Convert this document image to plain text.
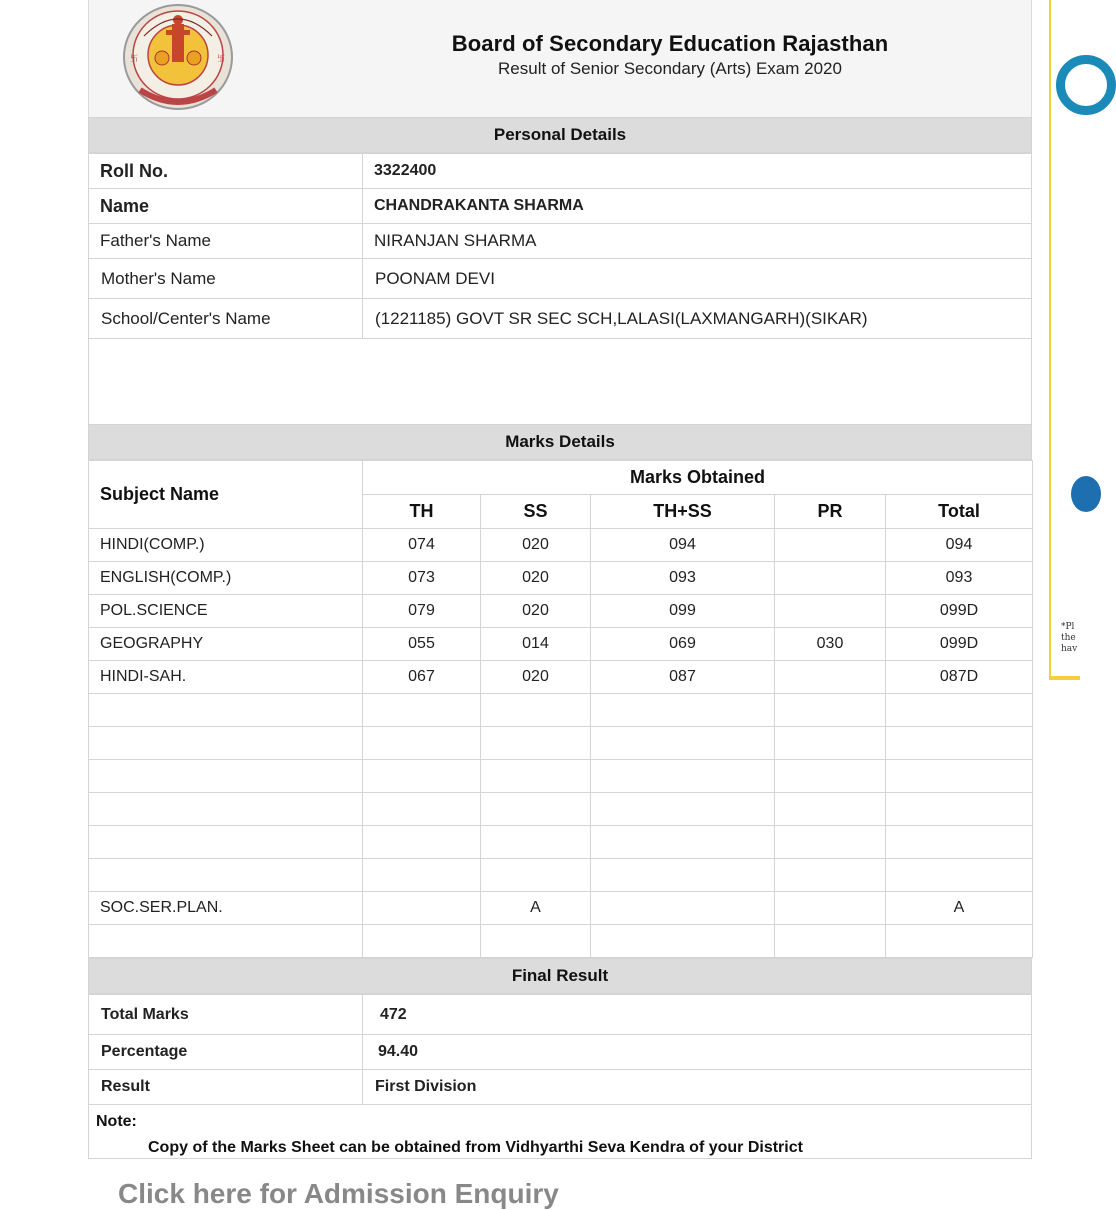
卐	卐
Board of Secondary Education Rajasthan
Result of Senior Secondary (Arts) Exam 2020
Personal Details
Roll No.	3322400
Name	CHANDRAKANTA SHARMA
Father's Name	NIRANJAN SHARMA
Mother's Name	POONAM DEVI
School/Center's Name	(1221185) GOVT SR SEC SCH,LALASI(LAXMANGARH)(SIKAR)
Marks Details
Subject Name	Marks Obtained				
	TH	SS	TH+SS	PR	Total
HINDI(COMP.)	074	020	094		094
ENGLISH(COMP.)	073	020	093		093
POL.SCIENCE	079	020	099		099D
GEOGRAPHY	055	014	069	030	099D
HINDI-SAH.	067	020	087		087D

SOC.SER.PLAN.		A			A

Final Result
Total Marks	472
Percentage	94.40
Result	First Division
Note:
Copy of the Marks Sheet can be obtained from Vidhyarthi Seva Kendra of your District
Click here for Admission Enquiry
*Pl
the
hav
